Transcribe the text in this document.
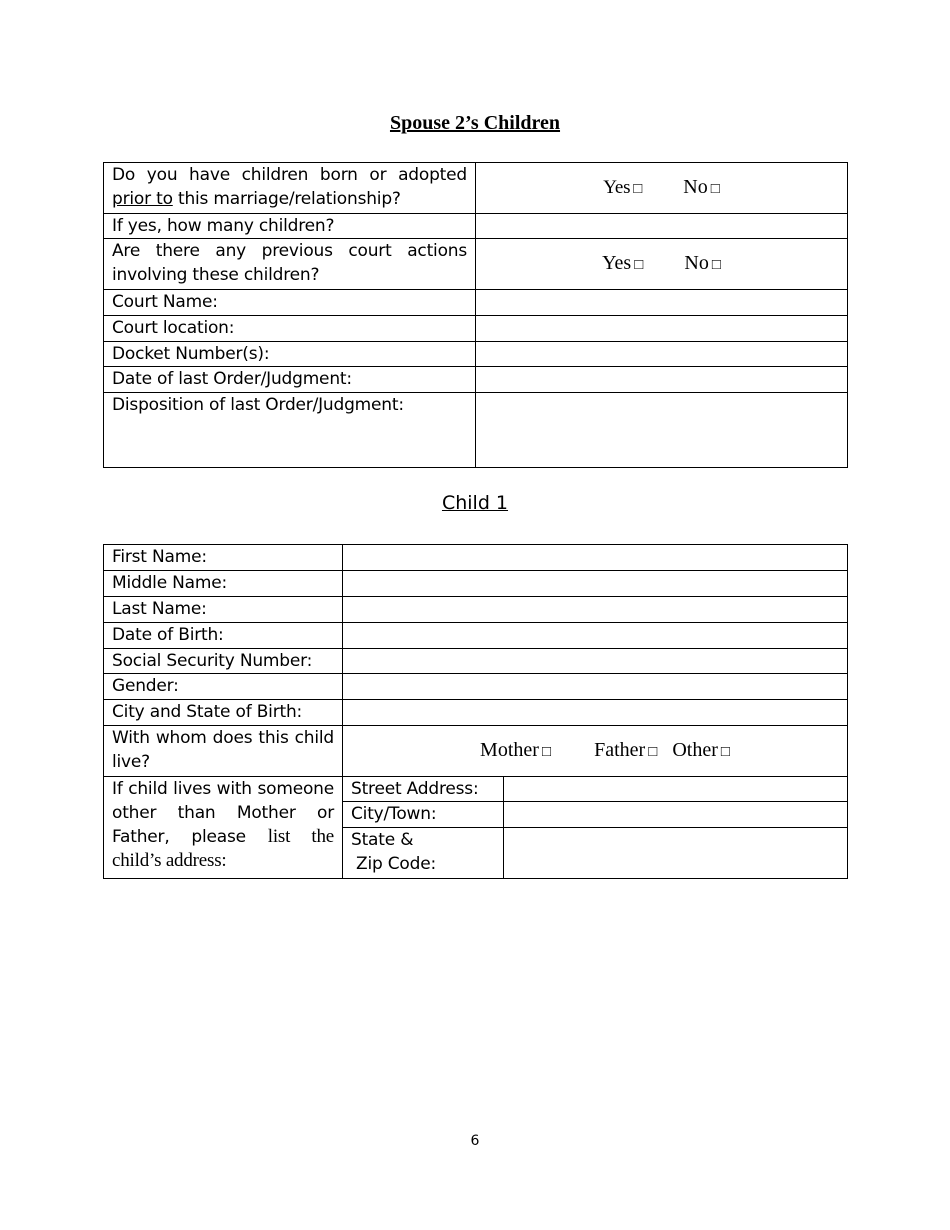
Spouse 2’s Children
Do you have children born or adopted prior to this marriage/relationship?	Yes □ No □
If yes, how many children?	
Are there any previous court actions involving these children?	Yes □ No □
Court Name:	
Court location:	
Docket Number(s):	
Date of last Order/Judgment:	
Disposition of last Order/Judgment:	
Child 1
First Name:		
Middle Name:		
Last Name:		
Date of Birth:		
Social Security Number:		
Gender:		
City and State of Birth:		
With whom does this child live?	Mother □ Father □ Other □	
If child lives with someone other than Mother or Father, please list the child’s address:	Street Address:	
	City/Town:	

	State &
Zip Code:	

6
